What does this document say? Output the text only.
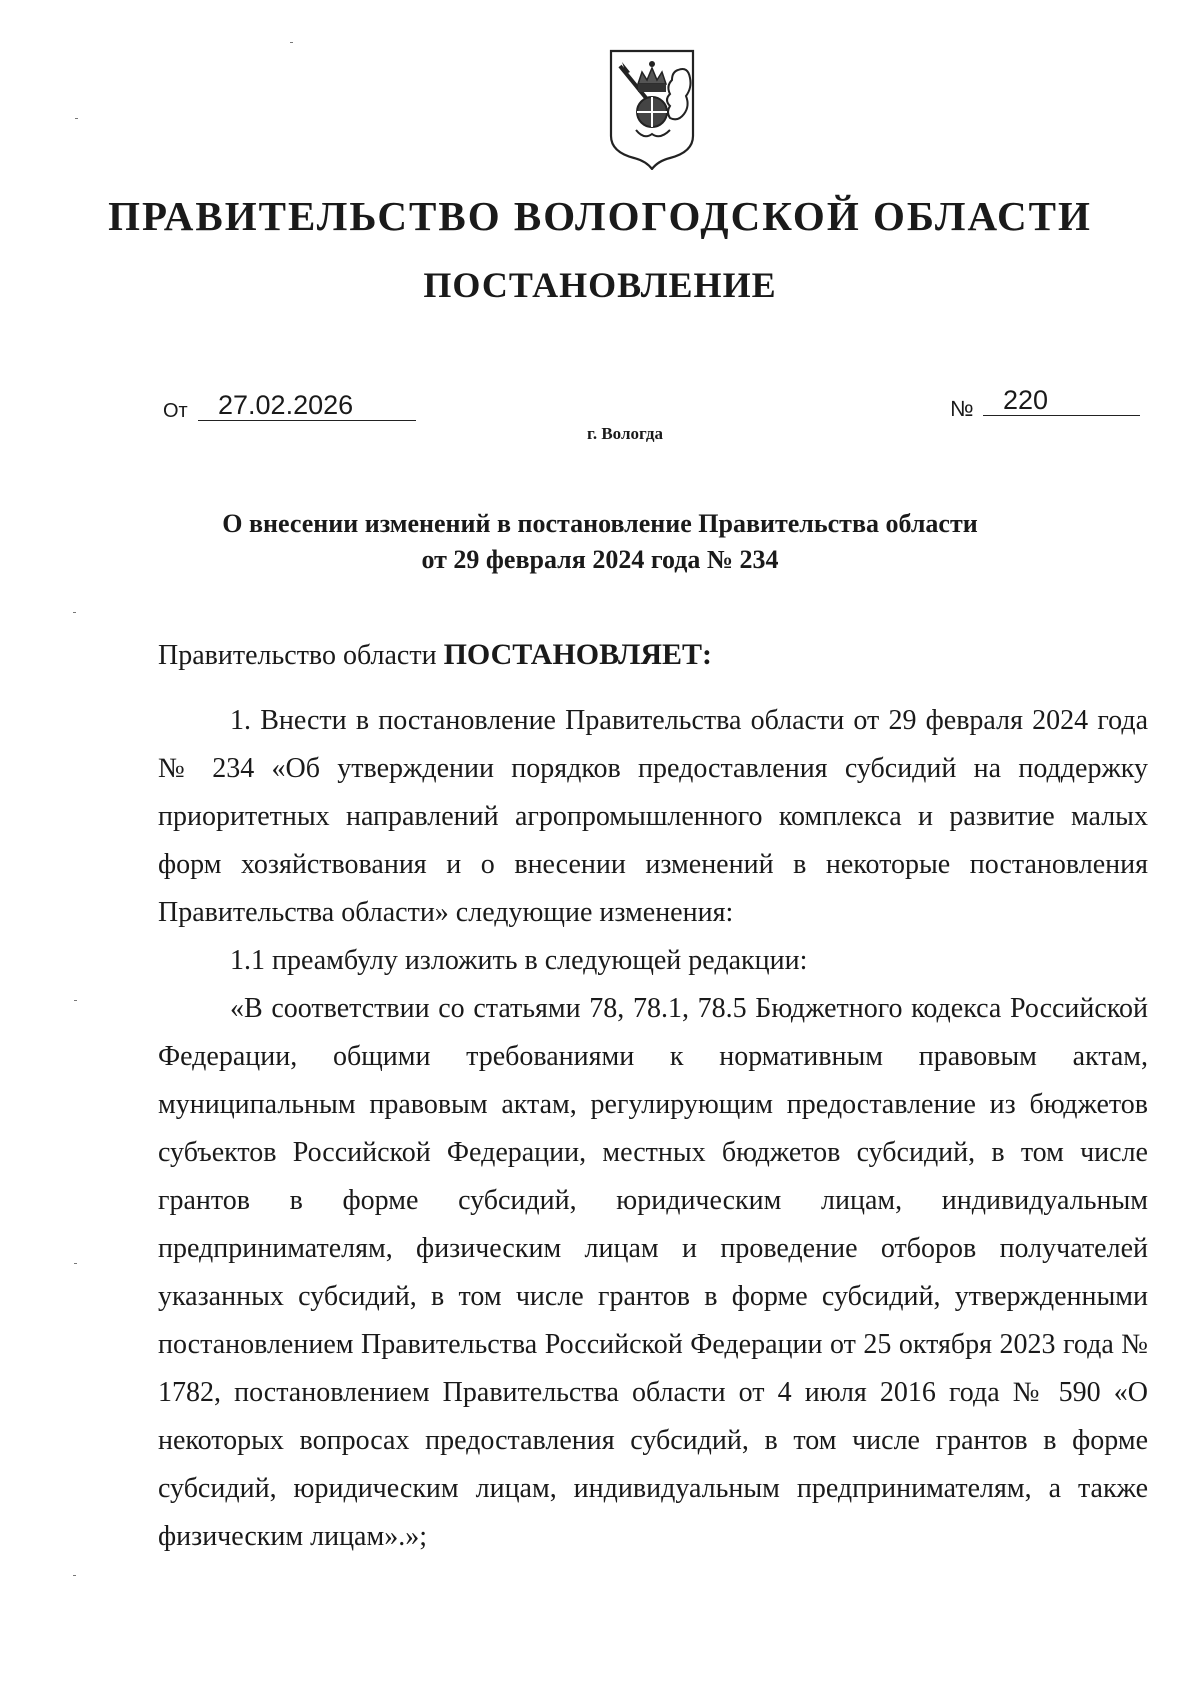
ПРАВИТЕЛЬСТВО ВОЛОГОДСКОЙ ОБЛАСТИ
ПОСТАНОВЛЕНИЕ
От	27.02.2026	№	220
г. Вологда
О внесении изменений в постановление Правительства области
от 29 февраля 2024 года № 234
Правительство области ПОСТАНОВЛЯЕТ:

1. Внести в постановление Правительства области от 29 февраля 2024 года № 234 «Об утверждении порядков предоставления субсидий на поддержку приоритетных направлений агропромышленного комплекса и развитие малых форм хозяйствования и о внесении изменений в некоторые постановления Правительства области» следующие изменения:

1.1 преамбулу изложить в следующей редакции:

«В соответствии со статьями 78, 78.1, 78.5 Бюджетного кодекса Российской Федерации, общими требованиями к нормативным правовым актам, муниципальным правовым актам, регулирующим предоставление из бюджетов субъектов Российской Федерации, местных бюджетов субсидий, в том числе грантов в форме субсидий, юридическим лицам, индивидуальным предпринимателям, физическим лицам и проведение отборов получателей указанных субсидий, в том числе грантов в форме субсидий, утвержденными постановлением Правительства Российской Федерации от 25 октября 2023 года № 1782, постановлением Правительства области от 4 июля 2016 года № 590 «О некоторых вопросах предоставления субсидий, в том числе грантов в форме субсидий, юридическим лицам, индивидуальным предпринимателям, а также физическим лицам».»;
